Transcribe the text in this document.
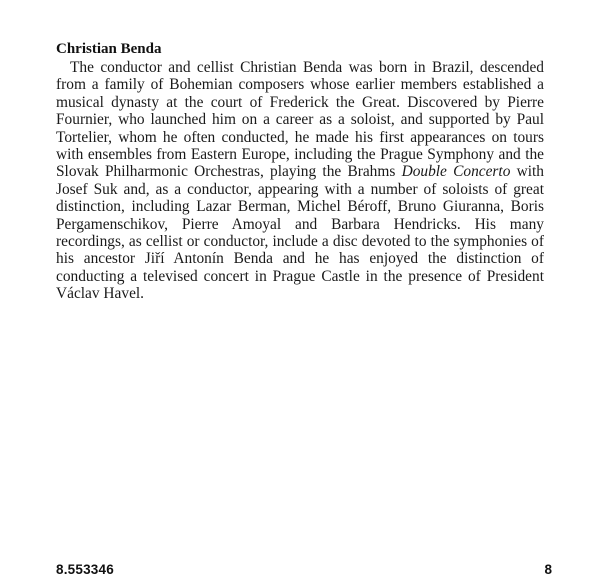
Christian Benda

The conductor and cellist Christian Benda was born in Brazil, descended from a family of Bohemian composers whose earlier members established a musical dynasty at the court of Frederick the Great. Discovered by Pierre Fournier, who launched him on a career as a soloist, and supported by Paul Tortelier, whom he often conducted, he made his first appearances on tours with ensembles from Eastern Europe, including the Prague Symphony and the Slovak Philharmonic Orchestras, playing the Brahms Double Concerto with Josef Suk and, as a conductor, appearing with a number of soloists of great distinction, including Lazar Berman, Michel Béroff, Bruno Giuranna, Boris Pergamenschikov, Pierre Amoyal and Barbara Hendricks. His many recordings, as cellist or conductor, include a disc devoted to the symphonies of his ancestor Jiří Antonín Benda and he has enjoyed the distinction of conducting a televised concert in Prague Castle in the presence of President Václav Havel.

8.553346	8
